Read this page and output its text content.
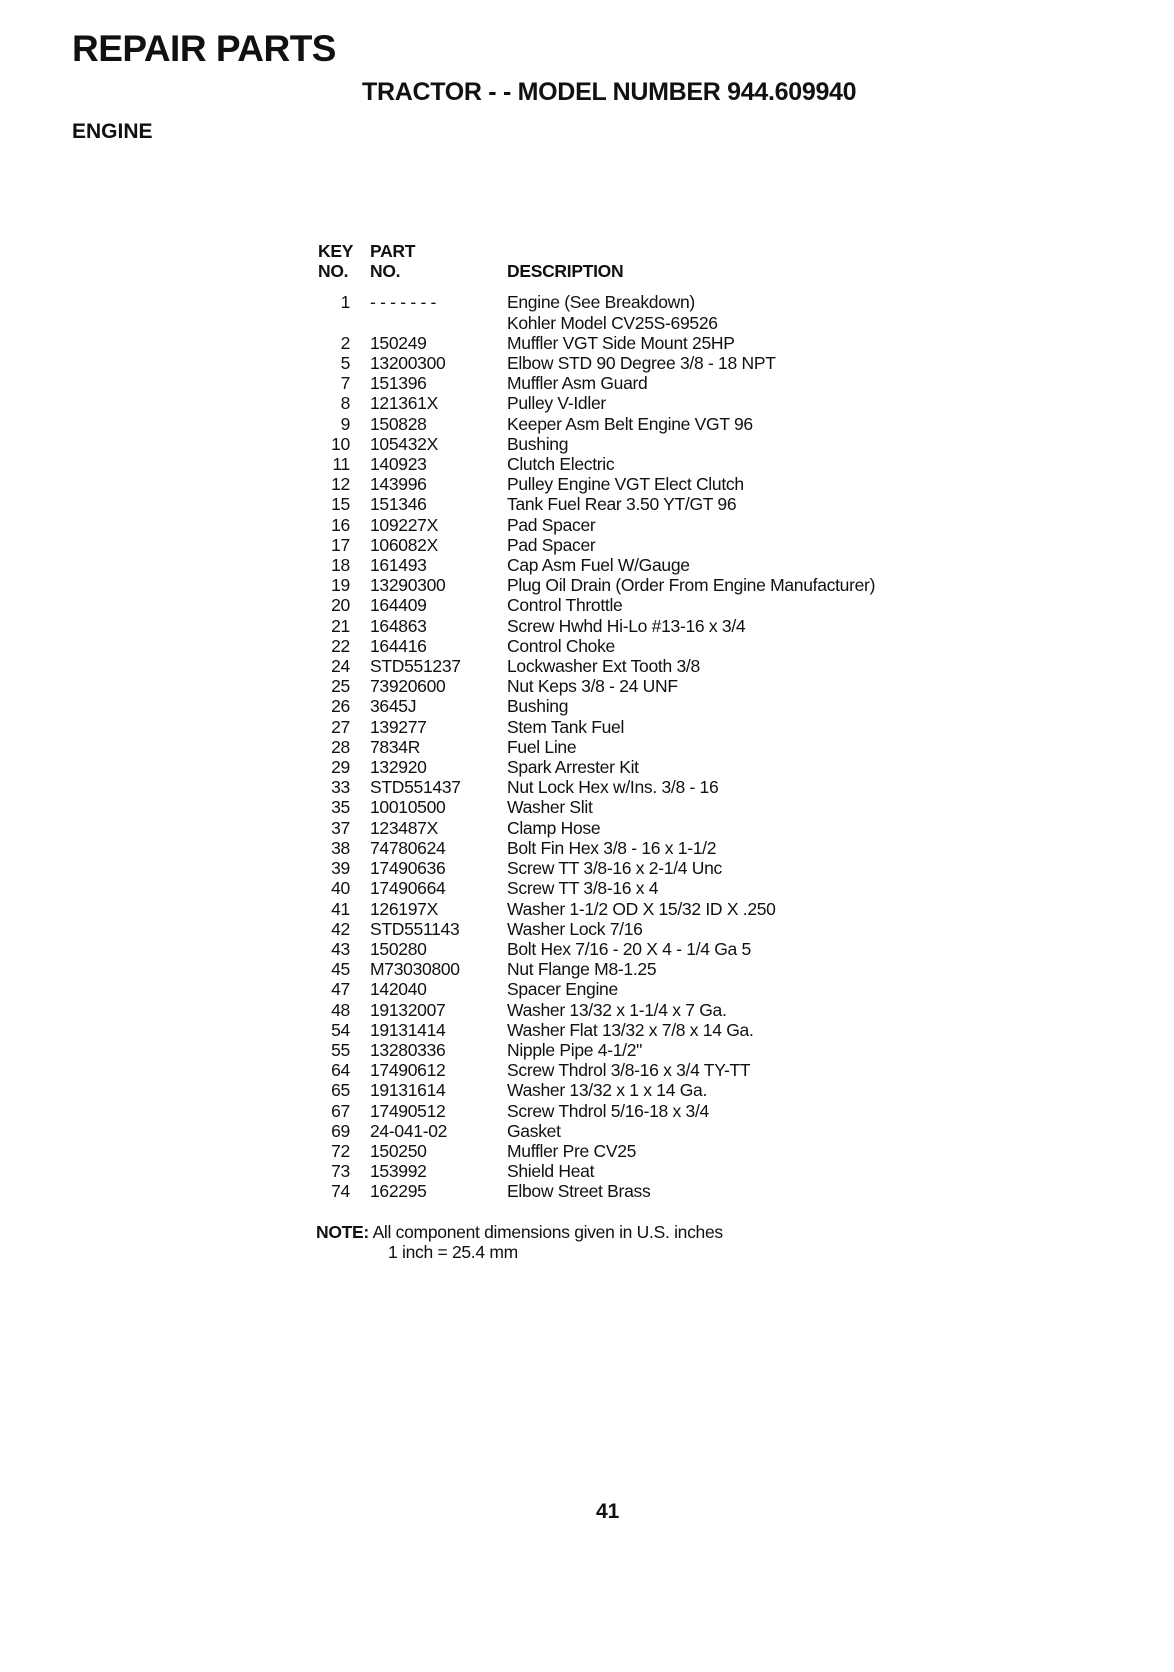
REPAIR PARTS
TRACTOR - - MODEL NUMBER 944.609940
ENGINE
KEY PART
NO.	NO.	DESCRIPTION
1	- - - - - - -	Engine (See Breakdown)
Kohler Model CV25S-69526
2	150249	Muffler VGT Side Mount 25HP
5	13200300	Elbow STD 90 Degree 3/8 - 18 NPT
7	151396	Muffler Asm Guard
8	121361X	Pulley V-Idler
9	150828	Keeper Asm Belt Engine VGT 96
10	105432X	Bushing
11	140923	Clutch Electric
12	143996	Pulley Engine VGT Elect Clutch
15	151346	Tank Fuel Rear 3.50 YT/GT 96
16	109227X	Pad Spacer
17	106082X	Pad Spacer
18	161493	Cap Asm Fuel W/Gauge
19	13290300	Plug Oil Drain (Order From Engine Manufacturer)
20	164409	Control Throttle
21	164863	Screw Hwhd Hi-Lo #13-16 x 3/4
22	164416	Control Choke
24	STD551237	Lockwasher Ext Tooth 3/8
25	73920600	Nut Keps 3/8 - 24 UNF
26	3645J	Bushing
27	139277	Stem Tank Fuel
28	7834R	Fuel Line
29	132920	Spark Arrester Kit
33	STD551437	Nut Lock Hex w/Ins. 3/8 - 16
35	10010500	Washer Slit
37	123487X	Clamp Hose
38	74780624	Bolt Fin Hex 3/8 - 16 x 1-1/2
39	17490636	Screw TT 3/8-16 x 2-1/4 Unc
40	17490664	Screw TT 3/8-16 x 4
41	126197X	Washer 1-1/2 OD X 15/32 ID X .250
42	STD551143	Washer Lock 7/16
43	150280	Bolt Hex 7/16 - 20 X 4 - 1/4 Ga 5
45	M73030800	Nut Flange M8-1.25
47	142040	Spacer Engine
48	19132007	Washer 13/32 x 1-1/4 x 7 Ga.
54	19131414	Washer Flat 13/32 x 7/8 x 14 Ga.
55	13280336	Nipple Pipe 4-1/2"
64	17490612	Screw Thdrol 3/8-16 x 3/4 TY-TT
65	19131614	Washer 13/32 x 1 x 14 Ga.
67	17490512	Screw Thdrol 5/16-18 x 3/4
69	24-041-02	Gasket
72	150250	Muffler Pre CV25
73	153992	Shield Heat
74	162295	Elbow Street Brass
NOTE: All component dimensions given in U.S. inches
1 inch = 25.4 mm
41
